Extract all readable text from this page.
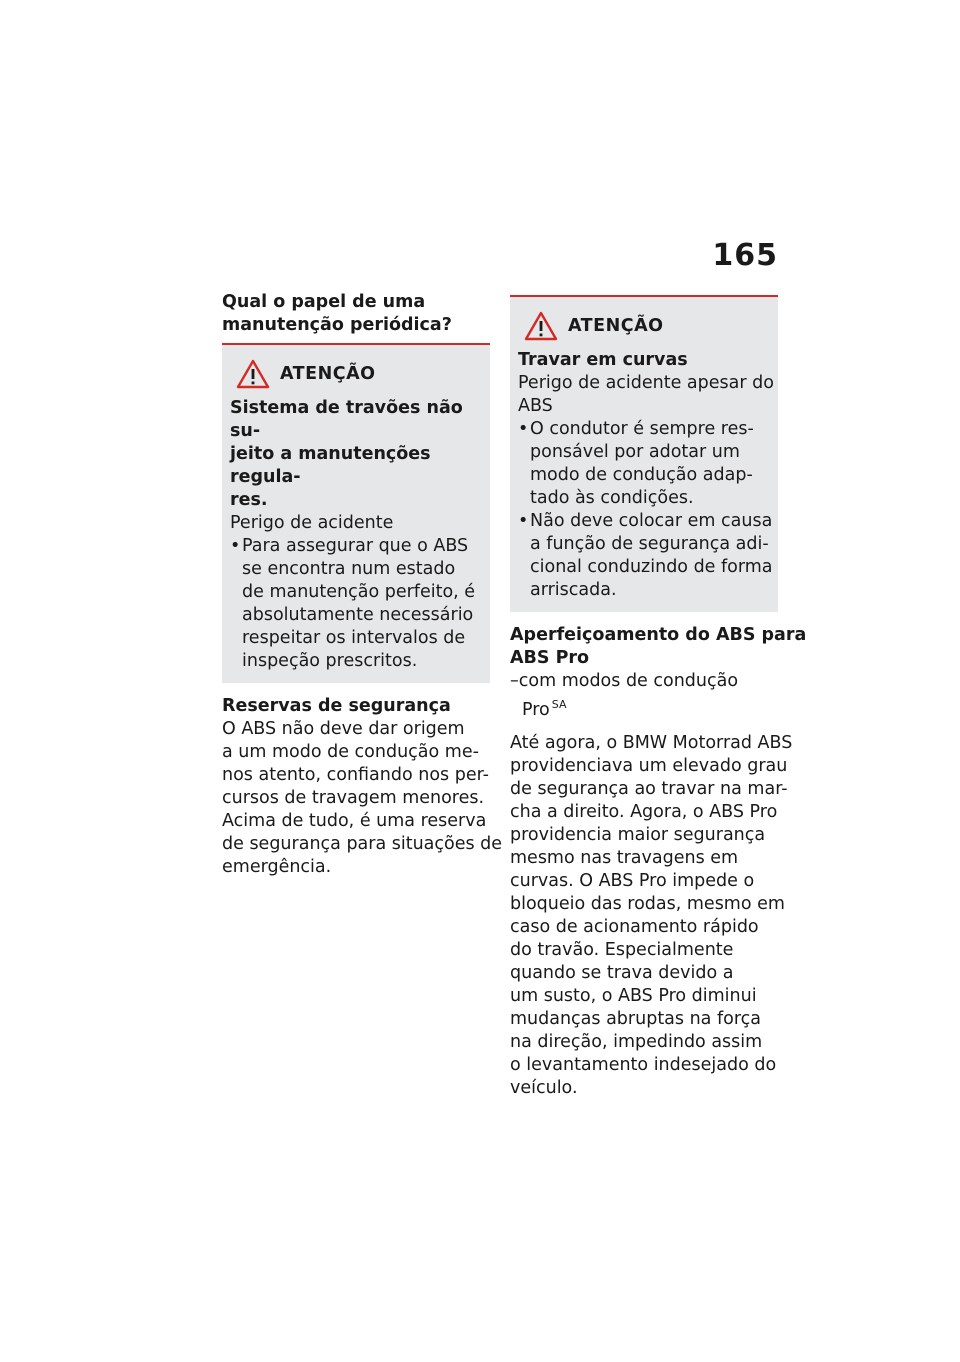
165
Qual o papel de uma
manutenção periódica?
ATENÇÃO
Sistema de travões não su-
jeito a manutenções regula-
res.
Perigo de acidente
• Para assegurar que o ABS
se encontra num estado
de manutenção perfeito, é
absolutamente necessário
respeitar os intervalos de
inspeção prescritos.
Reservas de segurança
O ABS não deve dar origem
a um modo de condução me-
nos atento, confiando nos per-
cursos de travagem menores.
Acima de tudo, é uma reserva
de segurança para situações de
emergência.
ATENÇÃO
Travar em curvas
Perigo de acidente apesar do
ABS
• O condutor é sempre res-
ponsável por adotar um
modo de condução adap-
tado às condições.
• Não deve colocar em causa
a função de segurança adi-
cional conduzindo de forma
arriscada.
Aperfeiçoamento do ABS para
ABS Pro
–com modos de condução
Pro $^{SA}$
Até agora, o BMW Motorrad ABS
providenciava um elevado grau
de segurança ao travar na mar-
cha a direito. Agora, o ABS Pro
providencia maior segurança
mesmo nas travagens em
curvas. O ABS Pro impede o
bloqueio das rodas, mesmo em
caso de acionamento rápido
do travão. Especialmente
quando se trava devido a
um susto, o ABS Pro diminui
mudanças abruptas na força
na direção, impedindo assim
o levantamento indesejado do
veículo.
